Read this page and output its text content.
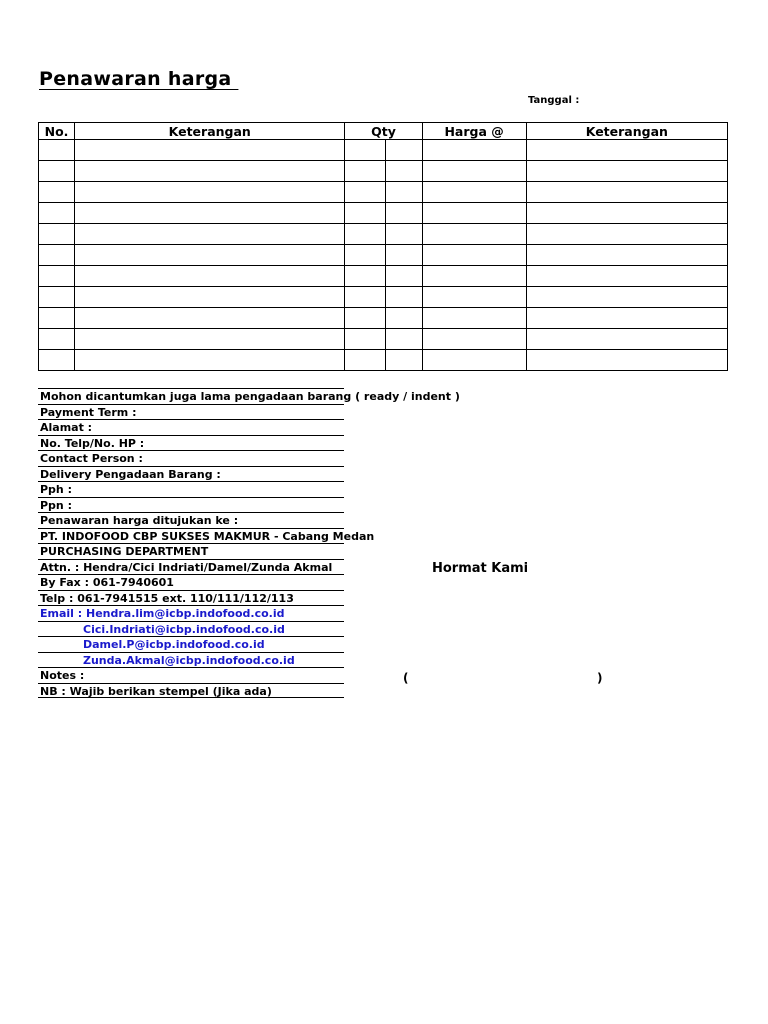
Penawaran harga
Tanggal :
No.	Keterangan	Qty		Harga @	Keterangan

Mohon dicantumkan juga lama pengadaan barang ( ready / indent )
Payment Term :
Alamat :
No. Telp/No. HP :
Contact Person :
Delivery Pengadaan Barang :
Pph :
Ppn :
Penawaran harga ditujukan ke :
PT. INDOFOOD CBP SUKSES MAKMUR - Cabang Medan
PURCHASING DEPARTMENT
Attn. : Hendra/Cici Indriati/Damel/Zunda Akmal
By Fax : 061-7940601
Telp : 061-7941515 ext. 110/111/112/113
Email : Hendra.lim@icbp.indofood.co.id
Cici.Indriati@icbp.indofood.co.id
Damel.P@icbp.indofood.co.id
Zunda.Akmal@icbp.indofood.co.id
Notes :
NB : Wajib berikan stempel (Jika ada)
Hormat Kami
(	)
